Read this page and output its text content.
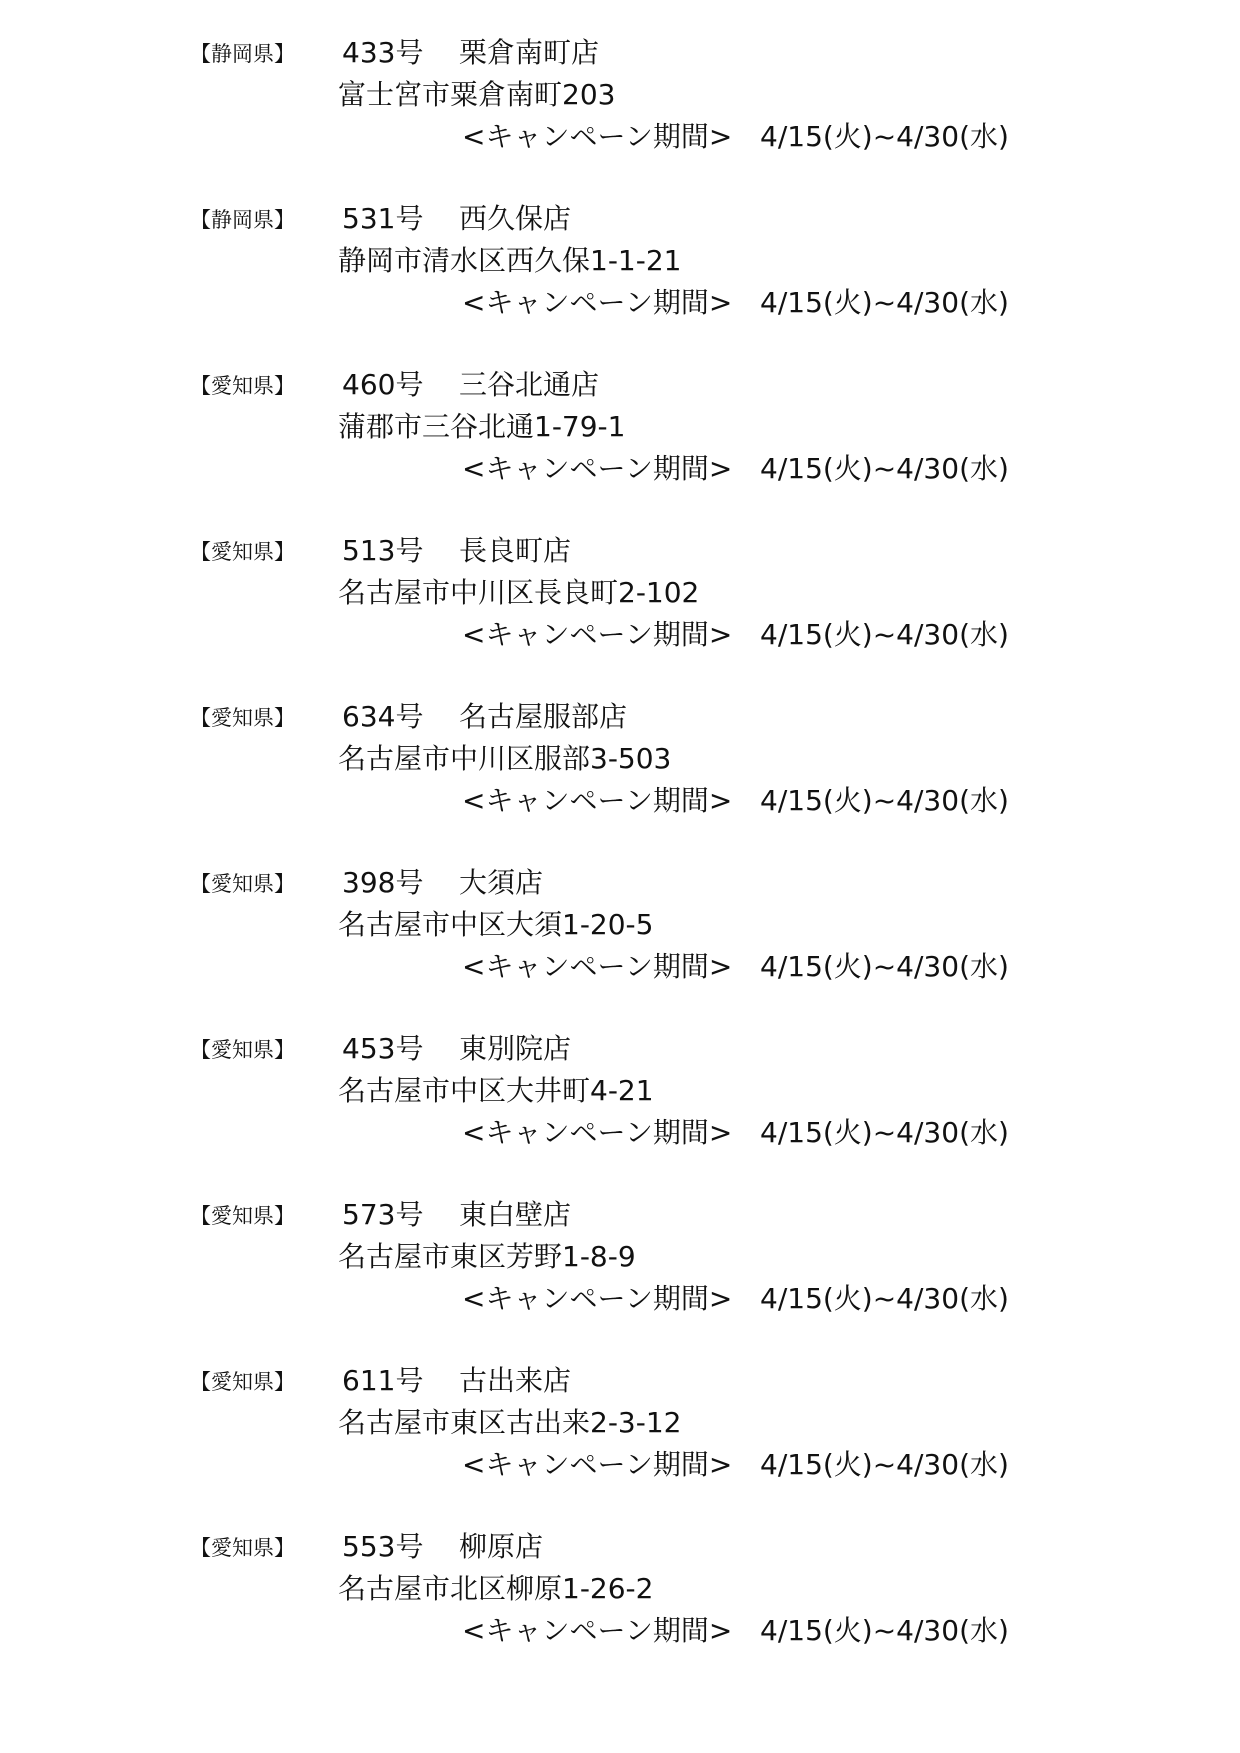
【静岡県】 433号 栗倉南町店
富士宮市粟倉南町203
<キャンペーン期間> 4/15(火)~4/30(水)
【静岡県】 531号 西久保店
静岡市清水区西久保1-1-21
<キャンペーン期間> 4/15(火)~4/30(水)
【愛知県】 460号 三谷北通店
蒲郡市三谷北通1-79-1
<キャンペーン期間> 4/15(火)~4/30(水)
【愛知県】 513号 長良町店
名古屋市中川区長良町2-102
<キャンペーン期間> 4/15(火)~4/30(水)
【愛知県】 634号 名古屋服部店
名古屋市中川区服部3-503
<キャンペーン期間> 4/15(火)~4/30(水)
【愛知県】 398号 大須店
名古屋市中区大須1-20-5
<キャンペーン期間> 4/15(火)~4/30(水)
【愛知県】 453号 東別院店
名古屋市中区大井町4-21
<キャンペーン期間> 4/15(火)~4/30(水)
【愛知県】 573号 東白壁店
名古屋市東区芳野1-8-9
<キャンペーン期間> 4/15(火)~4/30(水)
【愛知県】 611号 古出来店
名古屋市東区古出来2-3-12
<キャンペーン期間> 4/15(火)~4/30(水)
【愛知県】 553号 柳原店
名古屋市北区柳原1-26-2
<キャンペーン期間> 4/15(火)~4/30(水)
